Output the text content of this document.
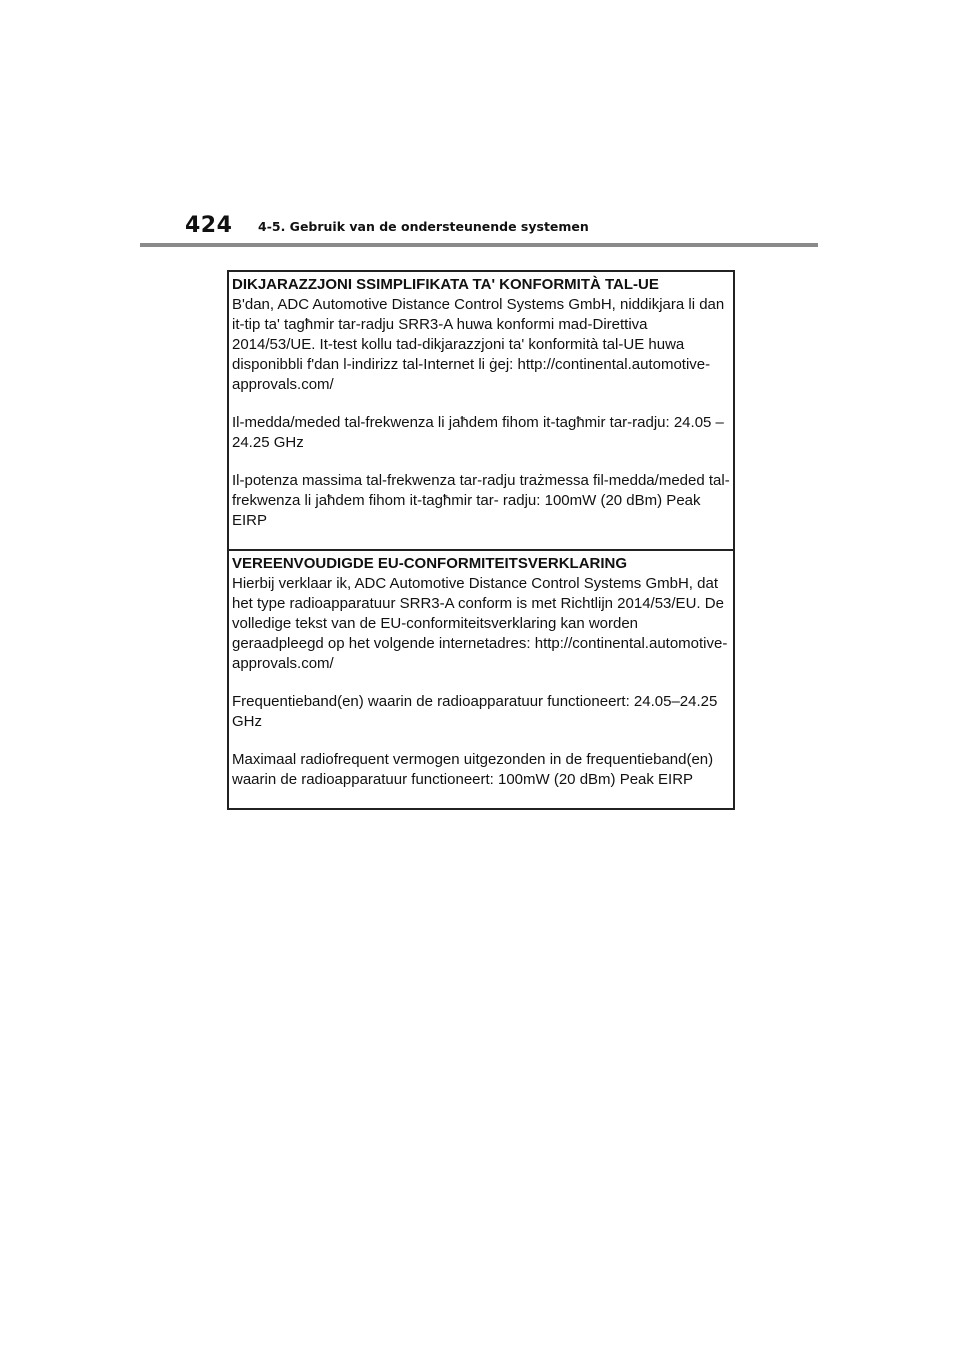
424 4-5. Gebruik van de ondersteunende systemen

DIKJARAZZJONI SSIMPLIFIKATA TA' KONFORMITÀ TAL-UE

B'dan, ADC Automotive Distance Control Systems GmbH, niddikjara li dan it-tip ta' tagħmir tar-radju SRR3-A huwa konformi mad-Direttiva 2014/53/UE. It-test kollu tad-dikjarazzjoni ta' konformità tal-UE huwa disponibbli f'dan l-indirizz tal-Internet li ġej: http://continental.automotive-approvals.com/

Il-medda/meded tal-frekwenza li jaħdem fihom it-tagħmir tar-radju: 24.05 –24.25 GHz

Il-potenza massima tal-frekwenza tar-radju trażmessa fil-medda/meded tal-frekwenza li jaħdem fihom it-tagħmir tar- radju: 100mW (20 dBm) Peak EIRP

VEREENVOUDIGDE EU-CONFORMITEITSVERKLARING

Hierbij verklaar ik, ADC Automotive Distance Control Systems GmbH, dat het type radioapparatuur SRR3-A conform is met Richtlijn 2014/53/EU. De volledige tekst van de EU-conformiteitsverklaring kan worden geraadpleegd op het volgende internetadres: http://continental.automotive-approvals.com/

Frequentieband(en) waarin de radioapparatuur functioneert: 24.05–24.25 GHz

Maximaal radiofrequent vermogen uitgezonden in de frequentieband(en) waarin de radioapparatuur functioneert: 100mW (20 dBm) Peak EIRP
